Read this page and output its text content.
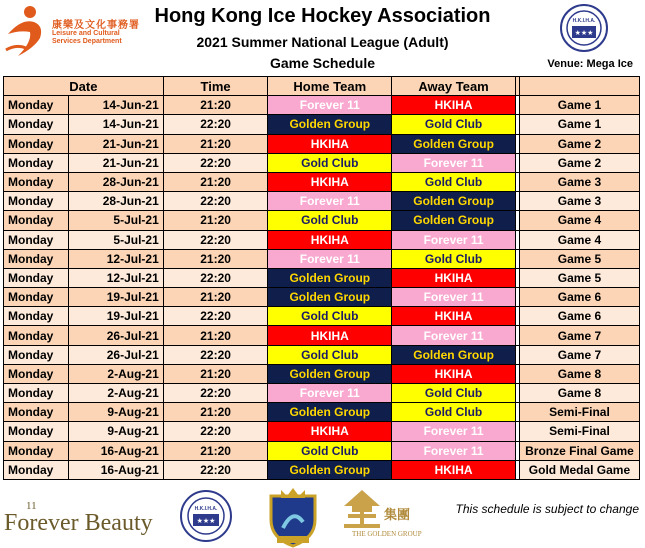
康樂及文化事務署
Leisure and Cultural
Services Department
Hong Kong Ice Hockey Association
2021 Summer National League (Adult)
Game Schedule	Venue: Mega Ice
H.K.I.H.A.
★★★
Date		Time	Home Team	Away Team		
Monday	14-Jun-21	21:20	Forever 11	HKIHA		Game 1
Monday	14-Jun-21	22:20	Golden Group	Gold Club		Game 1
Monday	21-Jun-21	21:20	HKIHA	Golden Group		Game 2
Monday	21-Jun-21	22:20	Gold Club	Forever 11		Game 2
Monday	28-Jun-21	21:20	HKIHA	Gold Club		Game 3
Monday	28-Jun-21	22:20	Forever 11	Golden Group		Game 3
Monday	5-Jul-21	21:20	Gold Club	Golden Group		Game 4
Monday	5-Jul-21	22:20	HKIHA	Forever 11		Game 4
Monday	12-Jul-21	21:20	Forever 11	Gold Club		Game 5
Monday	12-Jul-21	22:20	Golden Group	HKIHA		Game 5
Monday	19-Jul-21	21:20	Golden Group	Forever 11		Game 6
Monday	19-Jul-21	22:20	Gold Club	HKIHA		Game 6
Monday	26-Jul-21	21:20	HKIHA	Forever 11		Game 7
Monday	26-Jul-21	22:20	Gold Club	Golden Group		Game 7
Monday	2-Aug-21	21:20	Golden Group	HKIHA		Game 8
Monday	2-Aug-21	22:20	Forever 11	Gold Club		Game 8
Monday	9-Aug-21	21:20	Golden Group	Gold Club		Semi-Final
Monday	9-Aug-21	22:20	HKIHA	Forever 11		Semi-Final
Monday	16-Aug-21	21:20	Gold Club	Forever 11		Bronze Final Game
Monday	16-Aug-21	22:20	Golden Group	HKIHA		Gold Medal Game
11
Forever Beauty
H.K.I.H.A.
★★★	集團
THE GOLDEN GROUP
This schedule is subject to change
